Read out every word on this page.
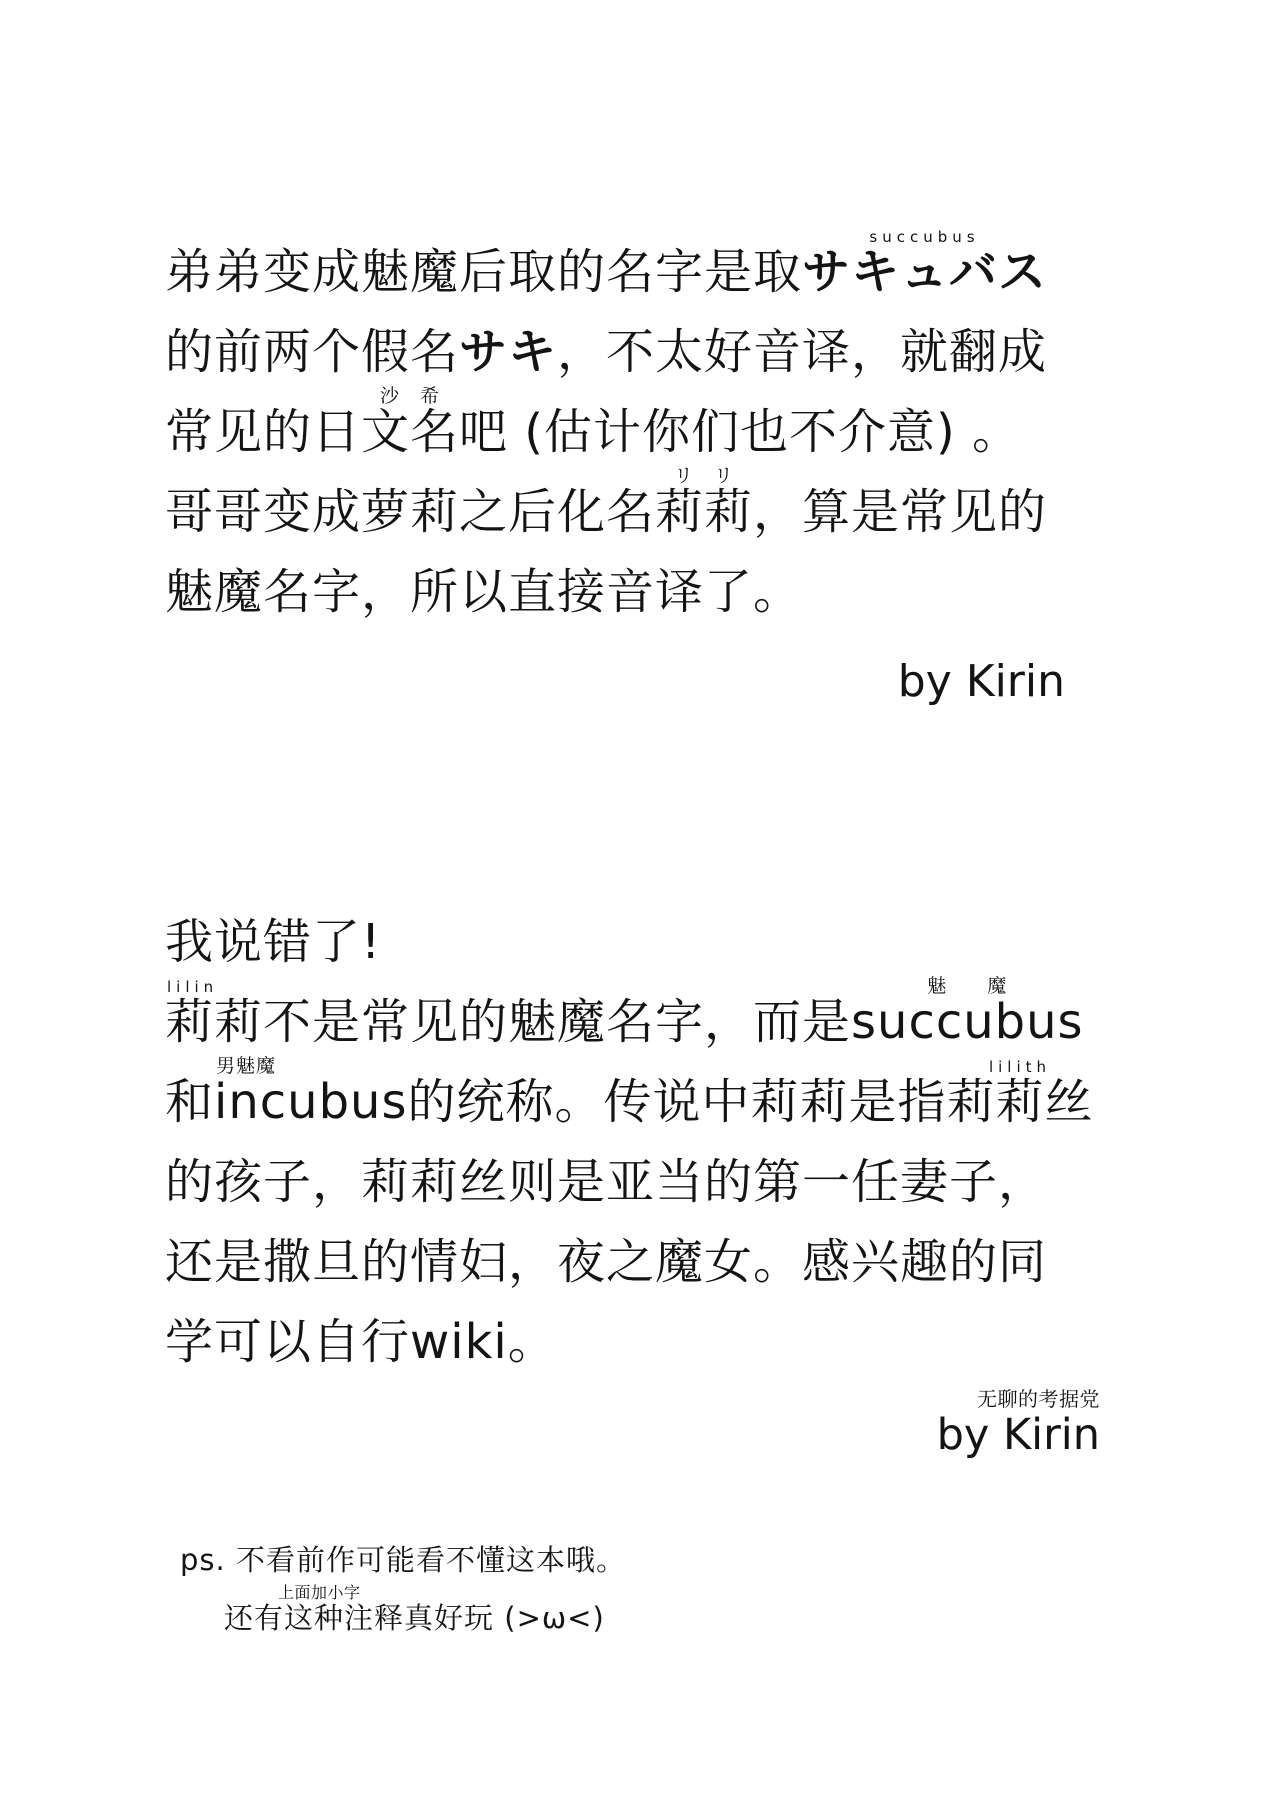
弟弟变成魅魔后取的名字是取
succubus
サキュバス
的前两个假名サキ，不太好音译，就翻成
常见的日
沙　希
文名吧 (估计你们也不介意) 。
哥哥变成萝莉之后化名
リ　リ
莉莉，算是常见的
魅魔名字，所以直接音译了。
by Kirin
我说错了!
lilin
莉莉不是常见的魅魔名字，而是
魅　　魔
succubus
和
男魅魔
incubus的统称。传说中莉莉是指
lilith
莉莉丝
的孩子，莉莉丝则是亚当的第一任妻子，
还是撒旦的情妇，夜之魔女。感兴趣的同
学可以自行wiki。
无聊的考据党
by Kirin
ps. 不看前作可能看不懂这本哦。
还有
上面加小字
这种注释真好玩 (>ω<)
